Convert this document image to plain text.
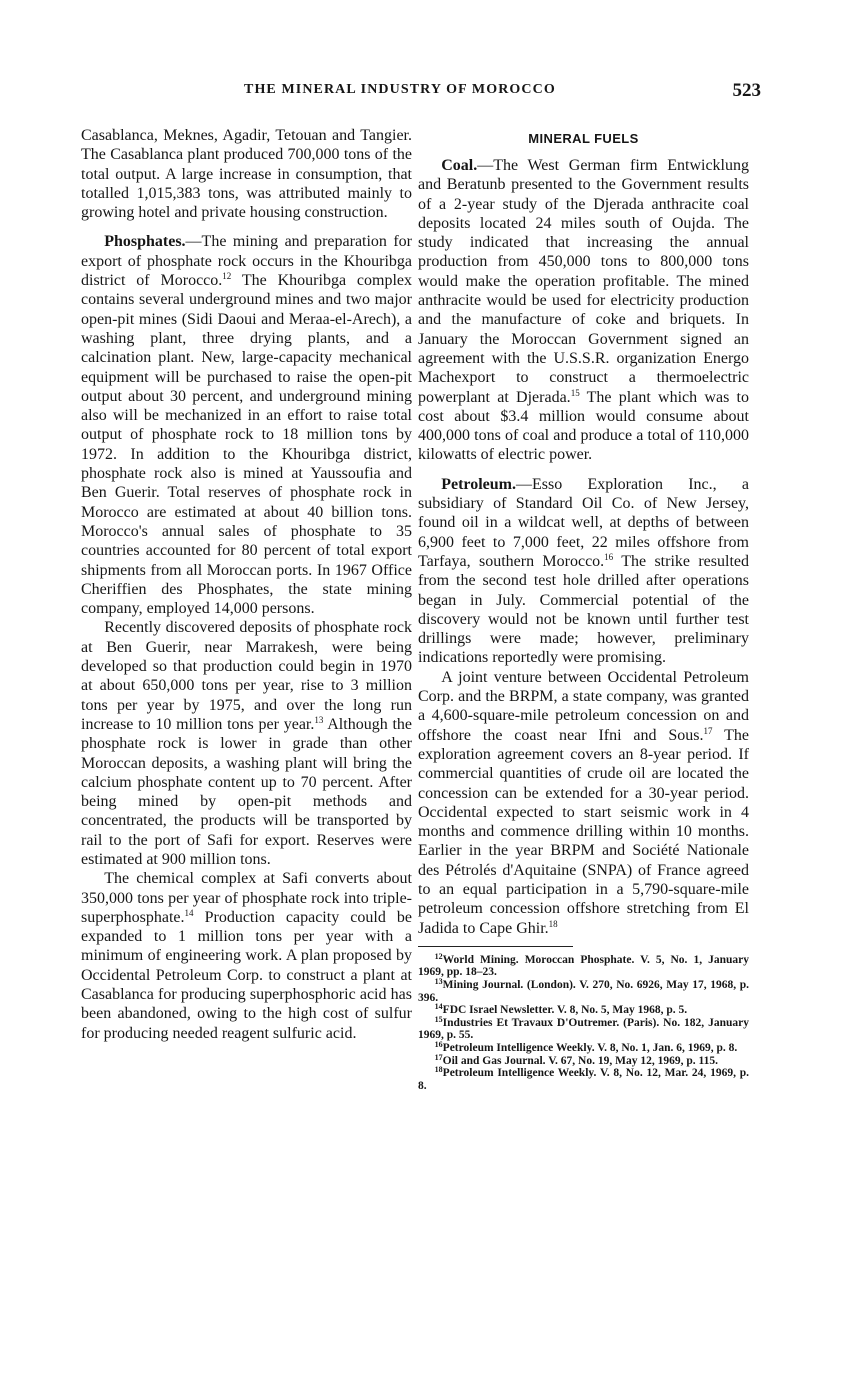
THE MINERAL INDUSTRY OF MOROCCO	523

Casablanca, Meknes, Agadir, Tetouan and Tangier. The Casablanca plant produced 700,000 tons of the total output. A large increase in consumption, that totalled 1,015,383 tons, was attributed mainly to growing hotel and private housing construction.

Phosphates.—The mining and preparation for export of phosphate rock occurs in the Khouribga district of Morocco.$^{12}$ The Khouribga complex contains several underground mines and two major open-pit mines (Sidi Daoui and Meraa-el-Arech), a washing plant, three drying plants, and a calcination plant. New, large-capacity mechanical equipment will be purchased to raise the open-pit output about 30 percent, and underground mining also will be mechanized in an effort to raise total output of phosphate rock to 18 million tons by 1972. In addition to the Khouribga district, phosphate rock also is mined at Yaussoufia and Ben Guerir. Total reserves of phosphate rock in Morocco are estimated at about 40 billion tons. Morocco's annual sales of phosphate to 35 countries accounted for 80 percent of total export shipments from all Moroccan ports. In 1967 Office Cheriffien des Phosphates, the state mining company, employed 14,000 persons.

Recently discovered deposits of phosphate rock at Ben Guerir, near Marrakesh, were being developed so that production could begin in 1970 at about 650,000 tons per year, rise to 3 million tons per year by 1975, and over the long run increase to 10 million tons per year.$^{13}$ Although the phosphate rock is lower in grade than other Moroccan deposits, a washing plant will bring the calcium phosphate content up to 70 percent. After being mined by open-pit methods and concentrated, the products will be transported by rail to the port of Safi for export. Reserves were estimated at 900 million tons.

The chemical complex at Safi converts about 350,000 tons per year of phosphate rock into triple-superphosphate.$^{14}$ Production capacity could be expanded to 1 million tons per year with a minimum of engineering work. A plan proposed by Occidental Petroleum Corp. to construct a plant at Casablanca for producing superphosphoric acid has been abandoned, owing to the high cost of sulfur for producing needed reagent sulfuric acid.

MINERAL FUELS

Coal.—The West German firm Entwicklung and Beratunb presented to the Government results of a 2-year study of the Djerada anthracite coal deposits located 24 miles south of Oujda. The study indicated that increasing the annual production from 450,000 tons to 800,000 tons would make the operation profitable. The mined anthracite would be used for electricity production and the manufacture of coke and briquets. In January the Moroccan Government signed an agreement with the U.S.S.R. organization Energo Machexport to construct a thermoelectric powerplant at Djerada.$^{15}$ The plant which was to cost about $3.4 million would consume about 400,000 tons of coal and produce a total of 110,000 kilowatts of electric power.

Petroleum.—Esso Exploration Inc., a subsidiary of Standard Oil Co. of New Jersey, found oil in a wildcat well, at depths of between 6,900 feet to 7,000 feet, 22 miles offshore from Tarfaya, southern Morocco.$^{16}$ The strike resulted from the second test hole drilled after operations began in July. Commercial potential of the discovery would not be known until further test drillings were made; however, preliminary indications reportedly were promising.

A joint venture between Occidental Petroleum Corp. and the BRPM, a state company, was granted a 4,600-square-mile petroleum concession on and offshore the coast near Ifni and Sous.$^{17}$ The exploration agreement covers an 8-year period. If commercial quantities of crude oil are located the concession can be extended for a 30-year period. Occidental expected to start seismic work in 4 months and commence drilling within 10 months. Earlier in the year BRPM and Société Nationale des Pétrolés d'Aquitaine (SNPA) of France agreed to an equal participation in a 5,790-square-mile petroleum concession offshore stretching from El Jadida to Cape Ghir.$^{18}$

$^{12}$World Mining. Moroccan Phosphate. V. 5, No. 1, January 1969, pp. 18–23.

$^{13}$Mining Journal. (London). V. 270, No. 6926, May 17, 1968, p. 396.

$^{14}$FDC Israel Newsletter. V. 8, No. 5, May 1968, p. 5.

$^{15}$Industries Et Travaux D'Outremer. (Paris). No. 182, January 1969, p. 55.

$^{16}$Petroleum Intelligence Weekly. V. 8, No. 1, Jan. 6, 1969, p. 8.

$^{17}$Oil and Gas Journal. V. 67, No. 19, May 12, 1969, p. 115.

$^{18}$Petroleum Intelligence Weekly. V. 8, No. 12, Mar. 24, 1969, p. 8.
